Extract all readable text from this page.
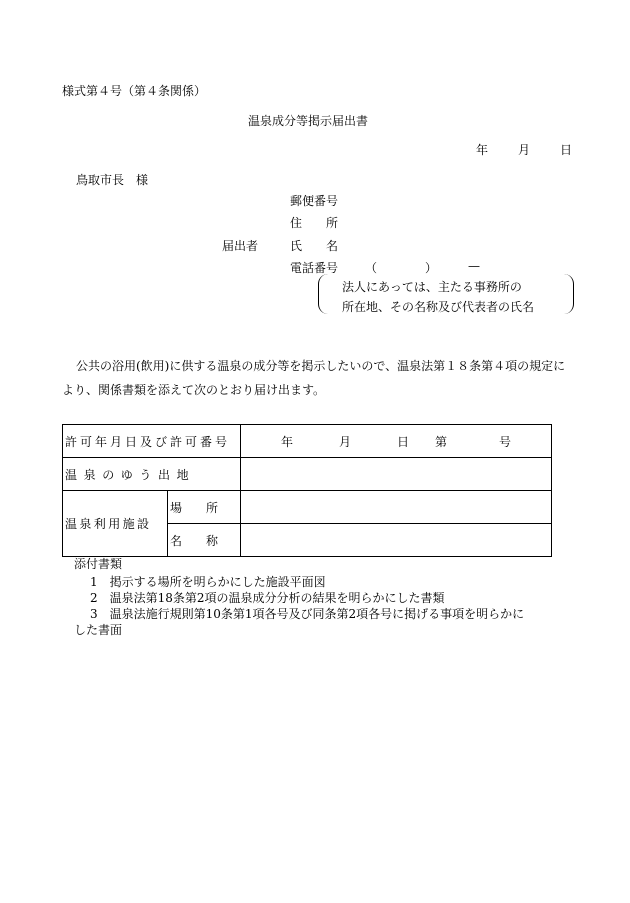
様式第４号（第４条関係）
温泉成分等掲示届出書
年	月	日
鳥取市長　様
郵便番号
住　　所
届出者	氏　　名
電話番号 （	）	—
法人にあっては、主たる事務所の
所在地、その名称及び代表者の氏名
公共の浴用(飲用)に供する温泉の成分等を掲示したいので、温泉法第１８条第４項の規定により、関係書類を添えて次のとおり届け出ます。
許可年月日及び許可番号		年 月 日 第 号
温泉のゆう出地		
温泉利用施設	場　　所	
	名　　称	
添付書類
1　掲示する場所を明らかにした施設平面図
2　温泉法第18条第2項の温泉成分分析の結果を明らかにした書類
3　温泉法施行規則第10条第1項各号及び同条第2項各号に掲げる事項を明らかに
した書面
